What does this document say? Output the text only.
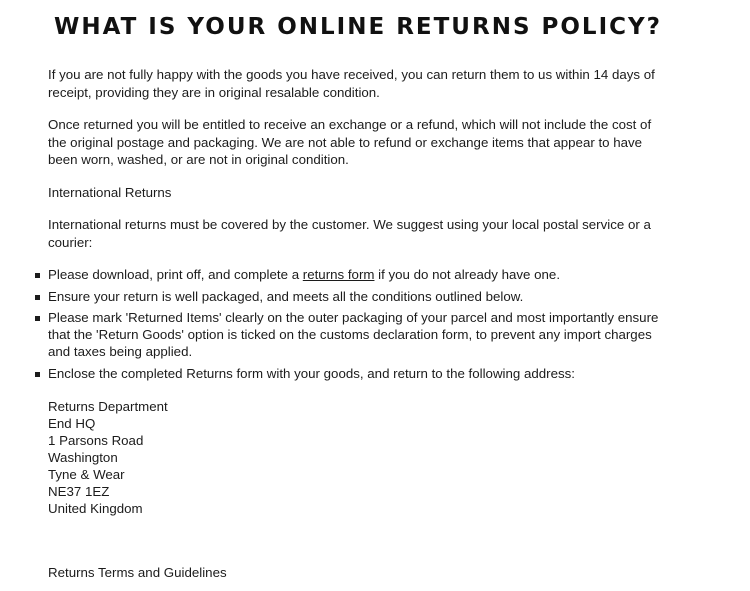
WHAT IS YOUR ONLINE RETURNS POLICY?

If you are not fully happy with the goods you have received, you can return them to us within 14 days of receipt, providing they are in original resalable condition.

Once returned you will be entitled to receive an exchange or a refund, which will not include the cost of the original postage and packaging. We are not able to refund or exchange items that appear to have been worn, washed, or are not in original condition.

International Returns

International returns must be covered by the customer. We suggest using your local postal service or a courier:

Please download, print off, and complete a returns form if you do not already have one.
Ensure your return is well packaged, and meets all the conditions outlined below.
Please mark 'Returned Items' clearly on the outer packaging of your parcel and most importantly ensure that the 'Return Goods' option is ticked on the customs declaration form, to prevent any import charges and taxes being applied.
Enclose the completed Returns form with your goods, and return to the following address:
Returns Department
End HQ
1 Parsons Road
Washington
Tyne & Wear
NE37 1EZ
United Kingdom

Returns Terms and Guidelines
